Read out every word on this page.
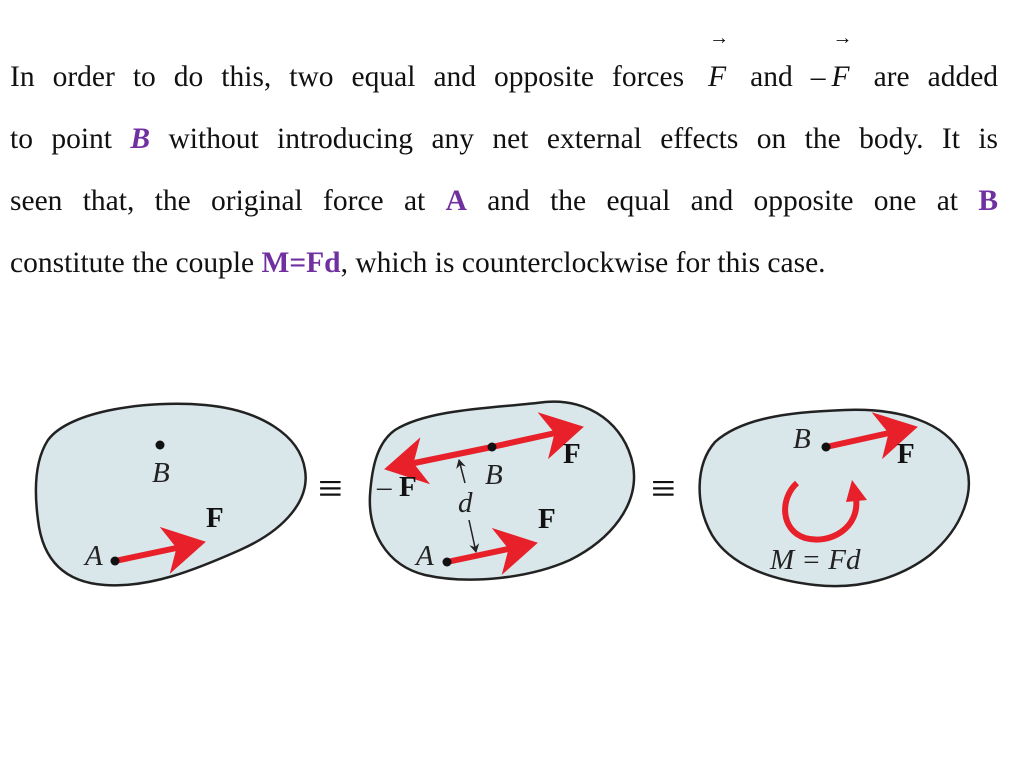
In order to do this, two equal and opposite forces
→
F and –
→
F are added
to point B without introducing any net external effects on the body. It is
seen that, the original force at A and the equal and opposite one at B
constitute the couple M=Fd, which is counterclockwise for this case.
B
A
F
≡	B
F
– F d
A
F
≡
B	F
M = Fd
